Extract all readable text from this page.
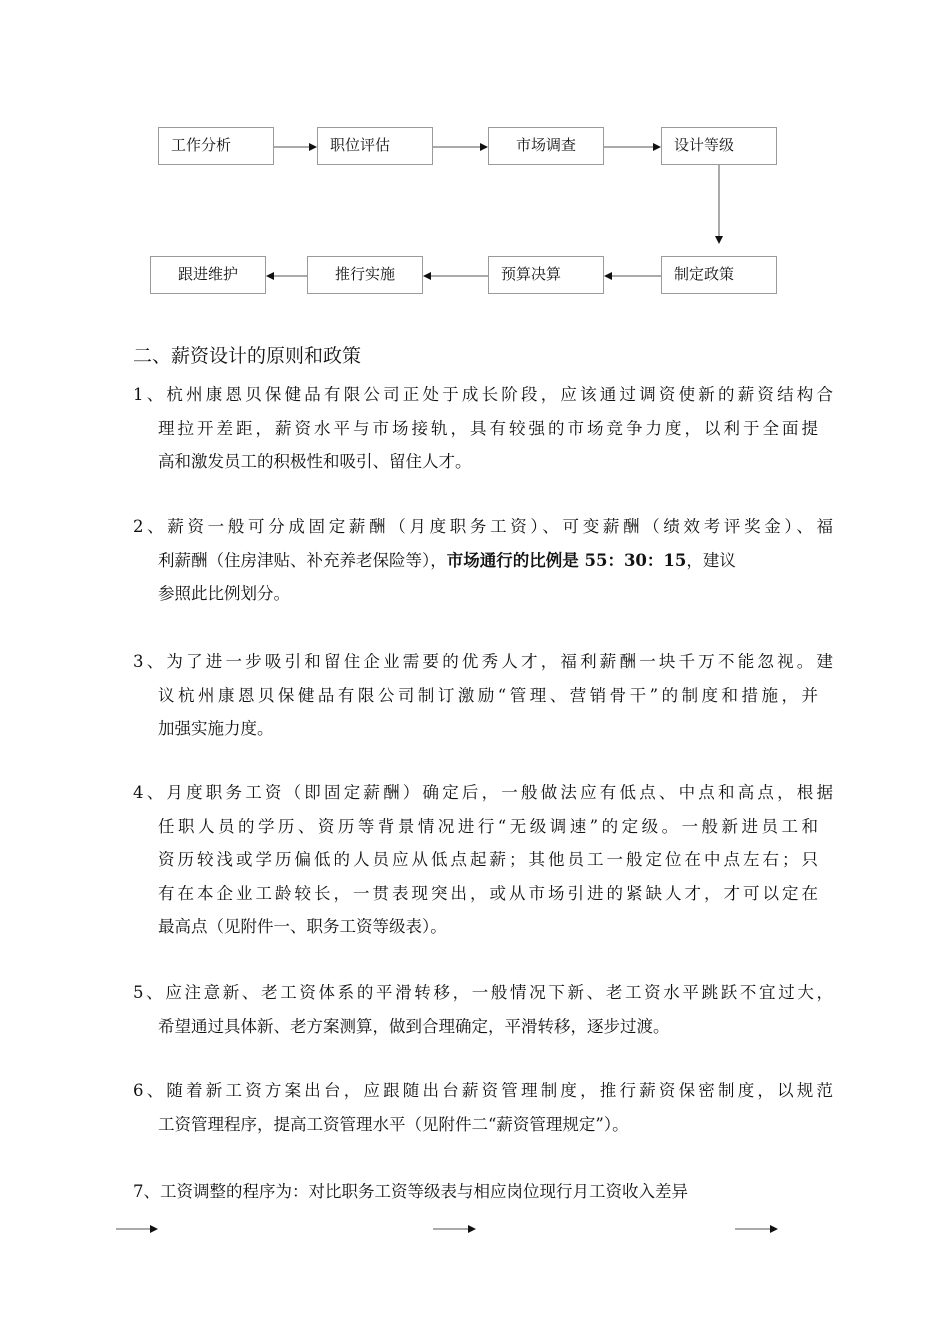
工作分析	职位评估	市场调查	设计等级
跟进维护	推行实施	预算决算	制定政策
二、薪资设计的原则和政策
1、杭州康恩贝保健品有限公司正处于成长阶段，应该通过调资使新的薪资结构合
理拉开差距，薪资水平与市场接轨，具有较强的市场竞争力度，以利于全面提
高和激发员工的积极性和吸引、留住人才。
2、薪资一般可分成固定薪酬（月度职务工资）、可变薪酬（绩效考评奖金）、福
利薪酬（住房津贴、补充养老保险等），市场通行的比例是 55：30：15，建议
参照此比例划分。
3、为了进一步吸引和留住企业需要的优秀人才，福利薪酬一块千万不能忽视。建
议杭州康恩贝保健品有限公司制订激励“管理、营销骨干”的制度和措施，并
加强实施力度。
4、月度职务工资（即固定薪酬）确定后，一般做法应有低点、中点和高点，根据
任职人员的学历、资历等背景情况进行“无级调速”的定级。一般新进员工和
资历较浅或学历偏低的人员应从低点起薪；其他员工一般定位在中点左右；只
有在本企业工龄较长，一贯表现突出，或从市场引进的紧缺人才，才可以定在
最高点（见附件一、职务工资等级表）。
5、应注意新、老工资体系的平滑转移，一般情况下新、老工资水平跳跃不宜过大，
希望通过具体新、老方案测算，做到合理确定，平滑转移，逐步过渡。
6、随着新工资方案出台，应跟随出台薪资管理制度，推行薪资保密制度，以规范
工资管理程序，提高工资管理水平（见附件二“薪资管理规定”）。
7、工资调整的程序为：对比职务工资等级表与相应岗位现行月工资收入差异
